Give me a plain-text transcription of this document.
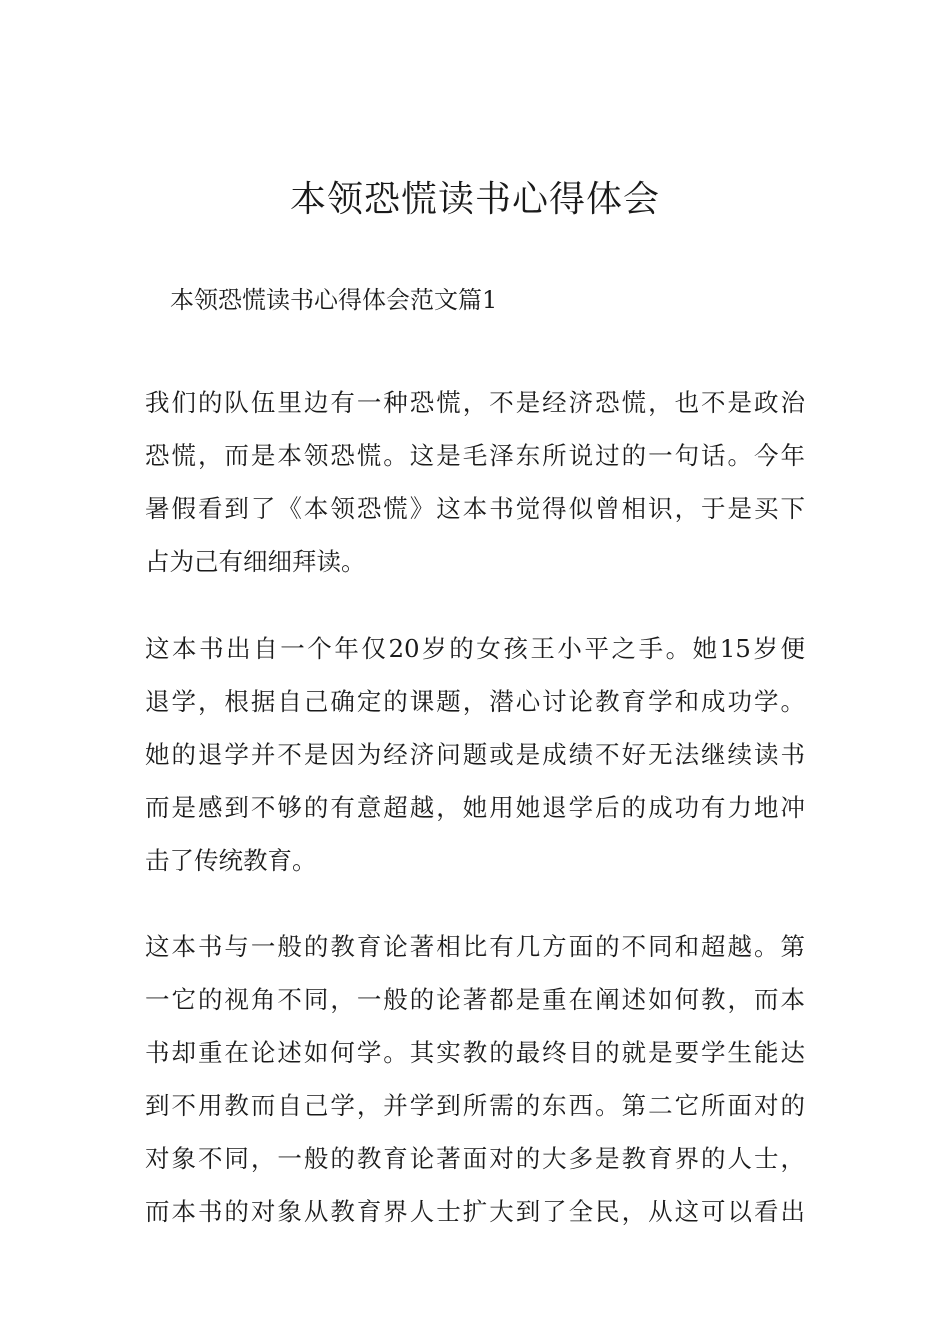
本领恐慌读书心得体会

本领恐慌读书心得体会范文篇1

我们的队伍里边有一种恐慌，不是经济恐慌，也不是政治
恐慌，而是本领恐慌。这是毛泽东所说过的一句话。今年
暑假看到了《本领恐慌》这本书觉得似曾相识，于是买下
占为己有细细拜读。

这本书出自一个年仅20岁的女孩王小平之手。她15岁便
退学，根据自己确定的课题，潜心讨论教育学和成功学。
她的退学并不是因为经济问题或是成绩不好无法继续读书
而是感到不够的有意超越，她用她退学后的成功有力地冲
击了传统教育。

这本书与一般的教育论著相比有几方面的不同和超越。第
一它的视角不同，一般的论著都是重在阐述如何教，而本
书却重在论述如何学。其实教的最终目的就是要学生能达
到不用教而自己学，并学到所需的东西。第二它所面对的
对象不同，一般的教育论著面对的大多是教育界的人士，
而本书的对象从教育界人士扩大到了全民，从这可以看出
